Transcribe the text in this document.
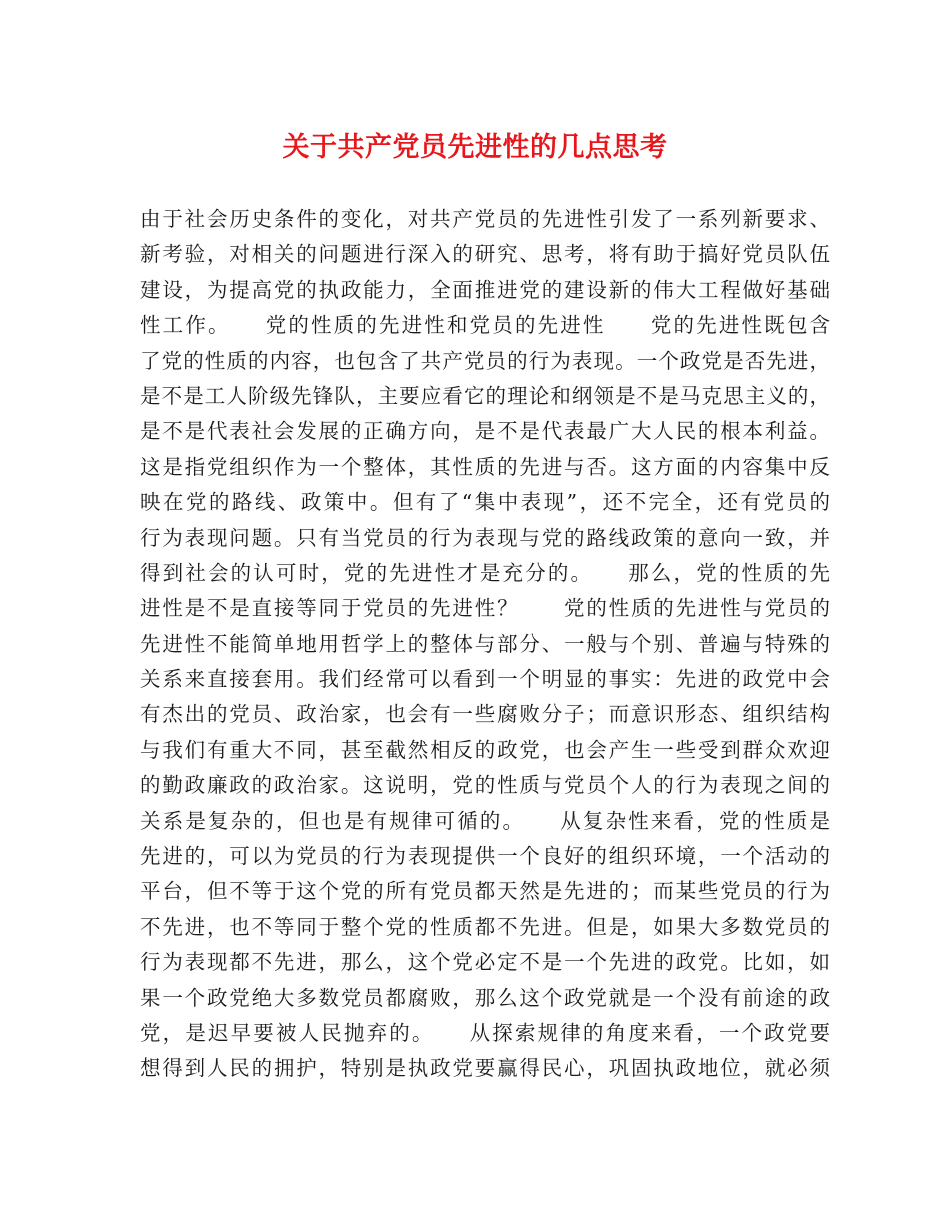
关于共产党员先进性的几点思考
由于社会历史条件的变化，对共产党员的先进性引发了一系列新要求、
新考验，对相关的问题进行深入的研究、思考，将有助于搞好党员队伍
建设，为提高党的执政能力，全面推进党的建设新的伟大工程做好基础
性工作。　　党的性质的先进性和党员的先进性　　党的先进性既包含
了党的性质的内容，也包含了共产党员的行为表现。一个政党是否先进，
是不是工人阶级先锋队，主要应看它的理论和纲领是不是马克思主义的，
是不是代表社会发展的正确方向，是不是代表最广大人民的根本利益。
这是指党组织作为一个整体，其性质的先进与否。这方面的内容集中反
映在党的路线、政策中。但有了“集中表现”，还不完全，还有党员的
行为表现问题。只有当党员的行为表现与党的路线政策的意向一致，并
得到社会的认可时，党的先进性才是充分的。　　那么，党的性质的先
进性是不是直接等同于党员的先进性？　　党的性质的先进性与党员的
先进性不能简单地用哲学上的整体与部分、一般与个别、普遍与特殊的
关系来直接套用。我们经常可以看到一个明显的事实：先进的政党中会
有杰出的党员、政治家，也会有一些腐败分子；而意识形态、组织结构
与我们有重大不同，甚至截然相反的政党，也会产生一些受到群众欢迎
的勤政廉政的政治家。这说明，党的性质与党员个人的行为表现之间的
关系是复杂的，但也是有规律可循的。　　从复杂性来看，党的性质是
先进的，可以为党员的行为表现提供一个良好的组织环境，一个活动的
平台，但不等于这个党的所有党员都天然是先进的；而某些党员的行为
不先进，也不等同于整个党的性质都不先进。但是，如果大多数党员的
行为表现都不先进，那么，这个党必定不是一个先进的政党。比如，如
果一个政党绝大多数党员都腐败，那么这个政党就是一个没有前途的政
党，是迟早要被人民抛弃的。　　从探索规律的角度来看，一个政党要
想得到人民的拥护，特别是执政党要赢得民心，巩固执政地位，就必须
